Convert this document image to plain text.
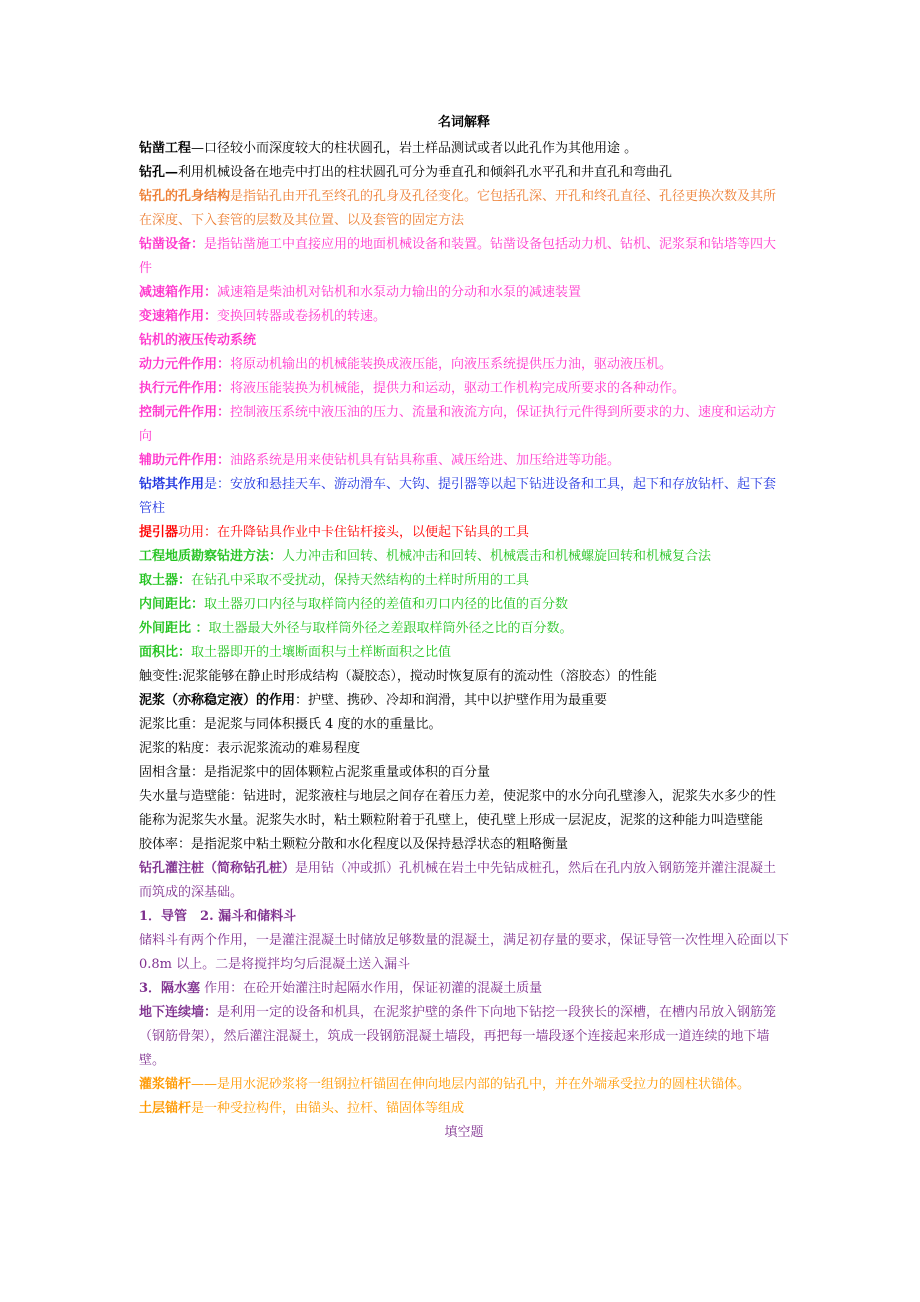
名词解释

钻凿工程—口径较小而深度较大的柱状圆孔，岩土样品测试或者以此孔作为其他用途 。

钻孔—利用机械设备在地壳中打出的柱状圆孔可分为垂直孔和倾斜孔水平孔和井直孔和弯曲孔

钻孔的孔身结构是指钻孔由开孔至终孔的孔身及孔径变化。它包括孔深、开孔和终孔直径、孔径更换次数及其所在深度、下入套管的层数及其位置、以及套管的固定方法

钻凿设备：是指钻凿施工中直接应用的地面机械设备和装置。钻凿设备包括动力机、钻机、泥浆泵和钻塔等四大件

减速箱作用：减速箱是柴油机对钻机和水泵动力输出的分动和水泵的减速装置

变速箱作用：变换回转器或卷扬机的转速。

钻机的液压传动系统

动力元件作用：将原动机输出的机械能装换成液压能，向液压系统提供压力油，驱动液压机。

执行元件作用：将液压能装换为机械能，提供力和运动，驱动工作机构完成所要求的各种动作。

控制元件作用：控制液压系统中液压油的压力、流量和液流方向，保证执行元件得到所要求的力、速度和运动方向

辅助元件作用：油路系统是用来使钻机具有钻具称重、减压给进、加压给进等功能。

钻塔其作用是：安放和悬挂天车、游动滑车、大钩、提引器等以起下钻进设备和工具，起下和存放钻杆、起下套管柱

提引器功用：在升降钻具作业中卡住钻杆接头，以便起下钻具的工具

工程地质勘察钻进方法：人力冲击和回转、机械冲击和回转、机械震击和机械螺旋回转和机械复合法

取土器：在钻孔中采取不受扰动，保持天然结构的土样时所用的工具

内间距比：取土器刃口内径与取样筒内径的差值和刃口内径的比值的百分数

外间距比 ：取土器最大外径与取样筒外径之差跟取样筒外径之比的百分数。

面积比：取土器即开的土壤断面积与土样断面积之比值

触变性:泥浆能够在静止时形成结构（凝胶态），搅动时恢复原有的流动性（溶胶态）的性能

泥浆（亦称稳定液）的作用：护壁、携砂、冷却和润滑，其中以护壁作用为最重要

泥浆比重：是泥浆与同体积摄氏 4 度的水的重量比。

泥浆的粘度：表示泥浆流动的难易程度

固相含量：是指泥浆中的固体颗粒占泥浆重量或体积的百分量

失水量与造壁能：钻进时，泥浆液柱与地层之间存在着压力差，使泥浆中的水分向孔壁渗入，泥浆失水多少的性能称为泥浆失水量。泥浆失水时，粘土颗粒附着于孔壁上，使孔壁上形成一层泥皮，泥浆的这种能力叫造壁能

胶体率：是指泥浆中粘土颗粒分散和水化程度以及保持悬浮状态的粗略衡量

钻孔灌注桩（简称钻孔桩）是用钻（冲或抓）孔机械在岩土中先钻成桩孔，然后在孔内放入钢筋笼并灌注混凝土而筑成的深基础。

1．导管　2. 漏斗和储料斗

储料斗有两个作用，一是灌注混凝土时储放足够数量的混凝土，满足初存量的要求，保证导管一次性埋入砼面以下 0.8m 以上。二是将搅拌均匀后混凝土送入漏斗

3．隔水塞 作用：在砼开始灌注时起隔水作用，保证初灌的混凝土质量

地下连续墙：是利用一定的设备和机具，在泥浆护壁的条件下向地下钻挖一段狭长的深槽，在槽内吊放入钢筋笼（钢筋骨架），然后灌注混凝土，筑成一段钢筋混凝土墙段，再把每一墙段逐个连接起来形成一道连续的地下墙壁。

灌浆锚杆——是用水泥砂浆将一组钢拉杆锚固在伸向地层内部的钻孔中，并在外端承受拉力的圆柱状锚体。

土层锚杆是一种受拉构件，由锚头、拉杆、锚固体等组成

填空题
